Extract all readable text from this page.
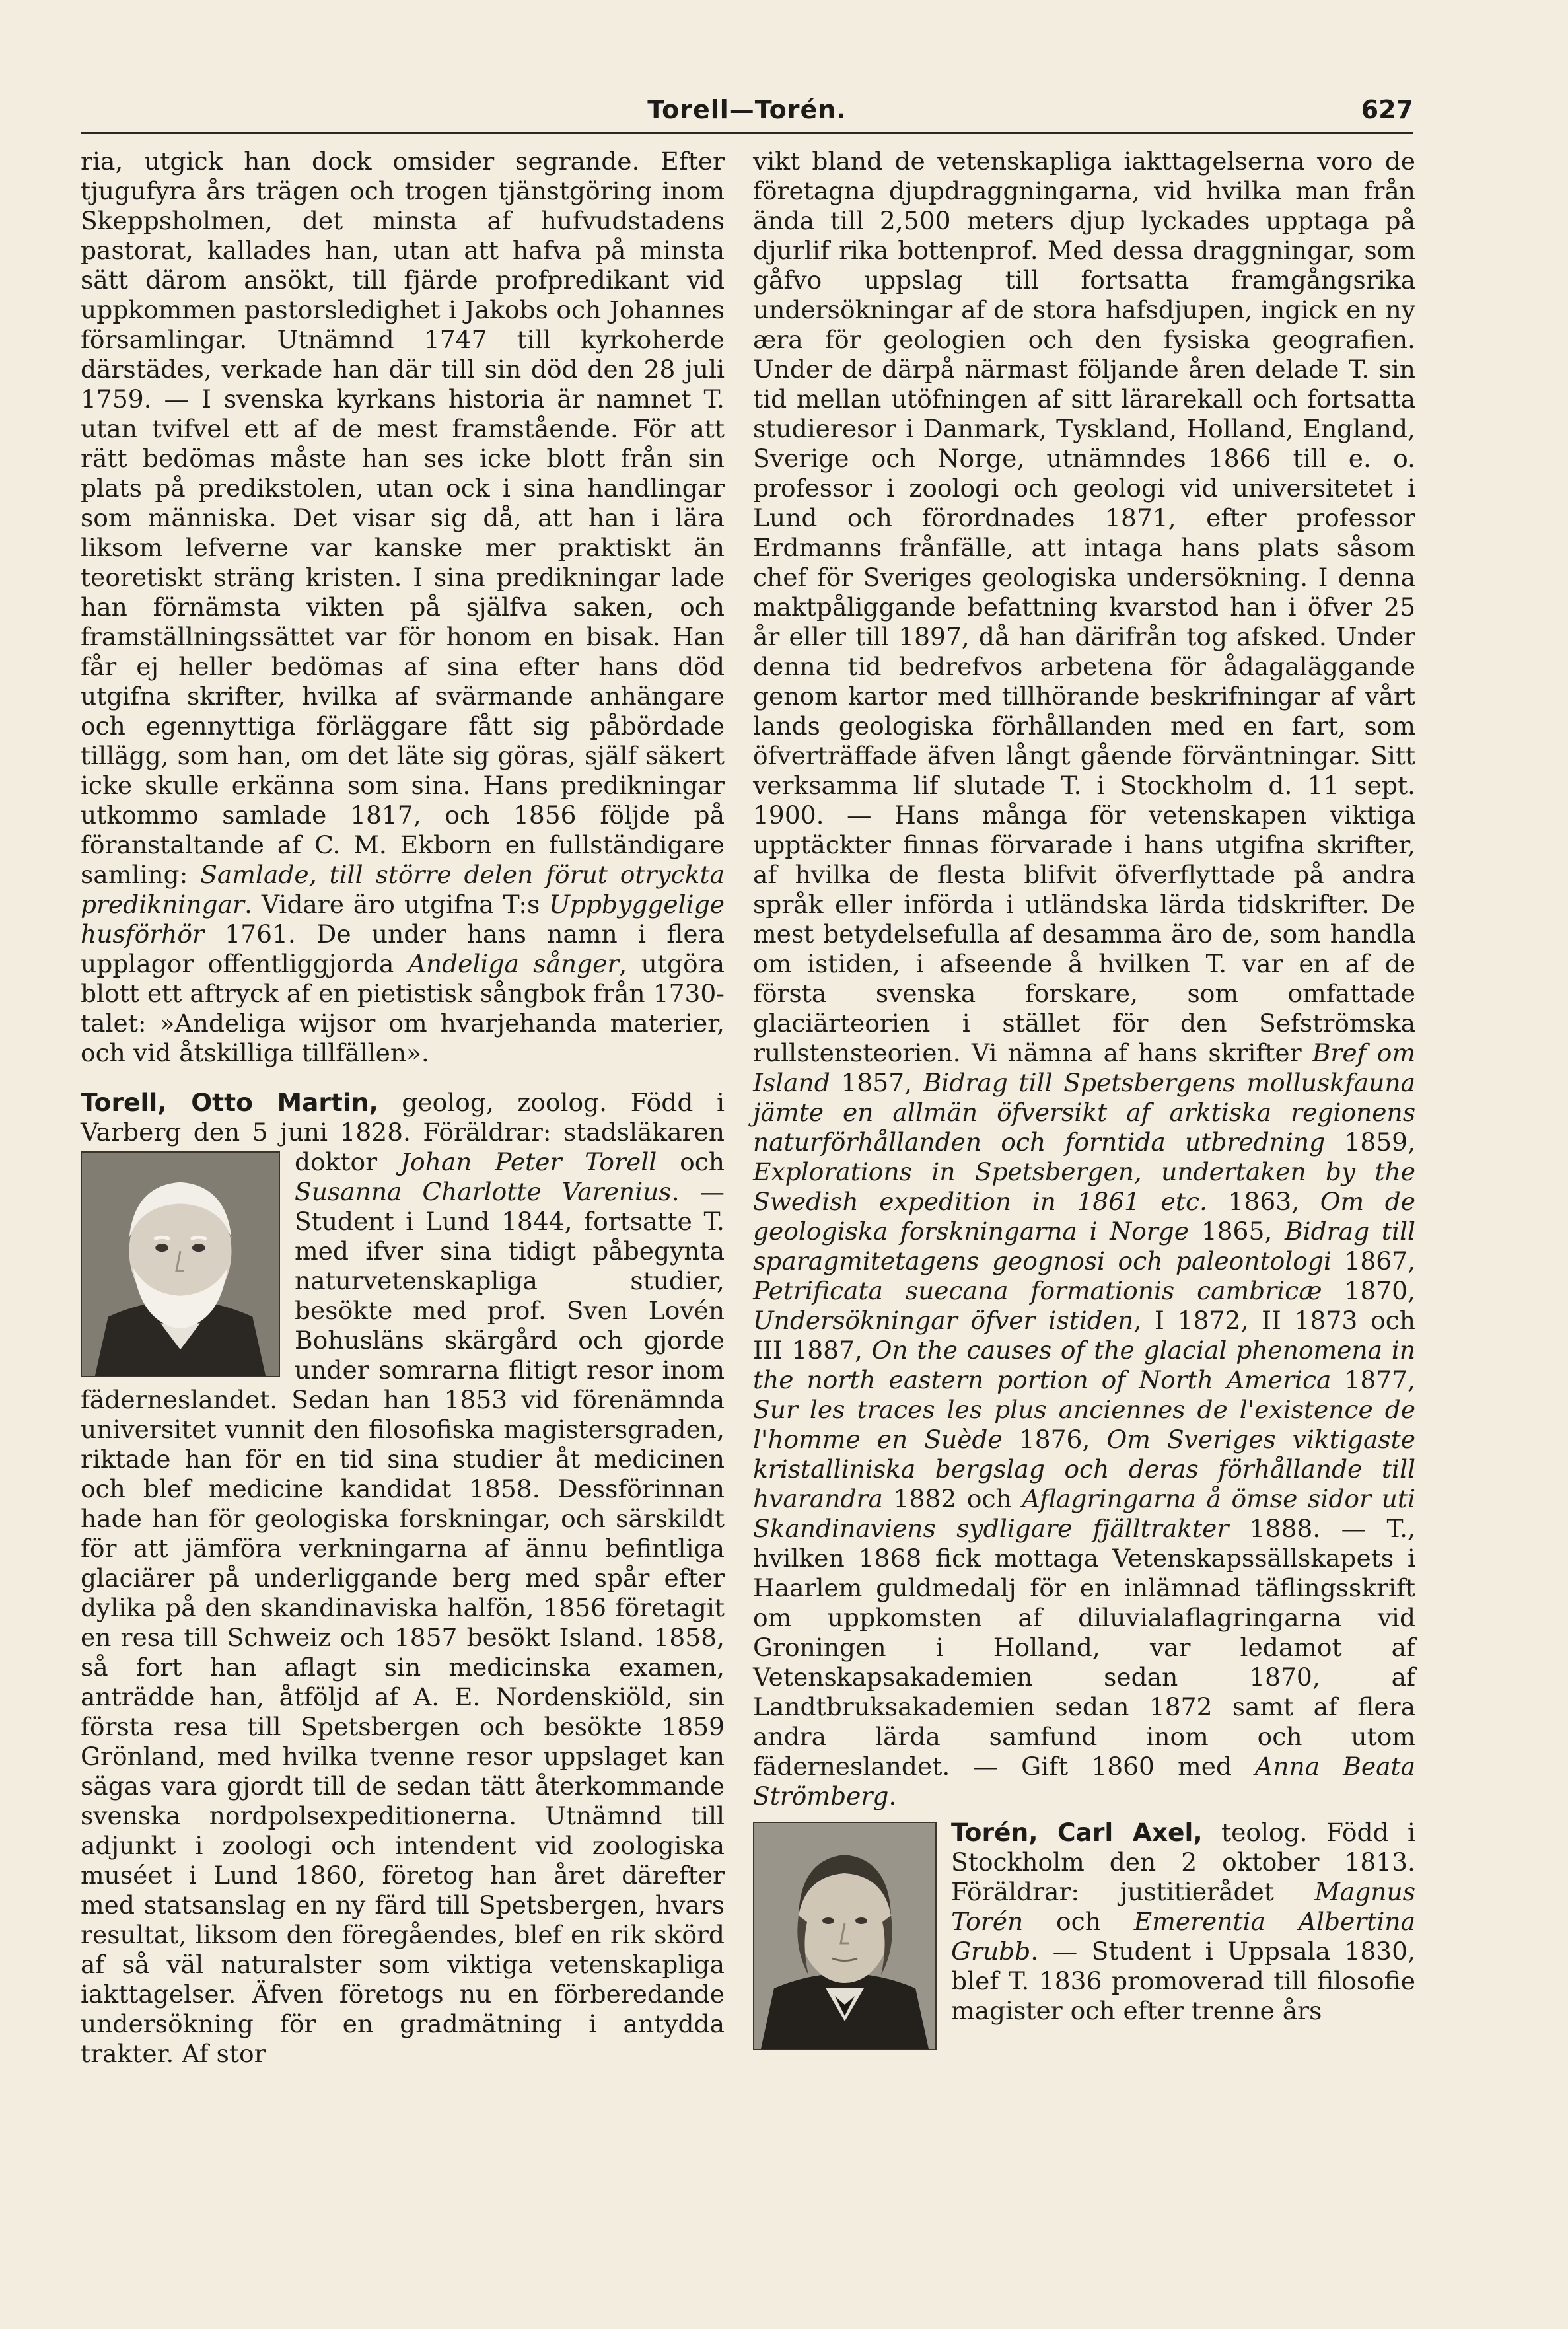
Torell—Torén.	627

ria, utgick han dock omsider segrande. Efter tjugufyra års trägen och trogen tjänstgöring inom Skeppsholmen, det minsta af hufvudstadens pastorat, kallades han, utan att hafva på minsta sätt därom ansökt, till fjärde profpredikant vid uppkommen pastorsledighet i Jakobs och Johannes församlingar. Utnämnd 1747 till kyrkoherde därstädes, verkade han där till sin död den 28 juli 1759. — I svenska kyrkans historia är namnet T. utan tvifvel ett af de mest framstående. För att rätt bedömas måste han ses icke blott från sin plats på predikstolen, utan ock i sina handlingar som människa. Det visar sig då, att han i lära liksom lefverne var kanske mer praktiskt än teoretiskt sträng kristen. I sina predikningar lade han förnämsta vikten på själfva saken, och framställningssättet var för honom en bisak. Han får ej heller bedömas af sina efter hans död utgifna skrifter, hvilka af svärmande anhängare och egennyttiga förläggare fått sig påbördade tillägg, som han, om det läte sig göras, själf säkert icke skulle erkänna som sina. Hans predikningar utkommo samlade 1817, och 1856 följde på föranstaltande af C. M. Ekborn en fullständigare samling: Samlade, till större delen förut otryckta predikningar. Vidare äro utgifna T:s Uppbyggelige husförhör 1761. De under hans namn i flera upplagor offentliggjorda Andeliga sånger, utgöra blott ett aftryck af en pietistisk sångbok från 1730-talet: »Andeliga wijsor om hvarjehanda materier, och vid åtskilliga tillfällen».

Torell, Otto Martin, geolog, zoolog. Född i Varberg den 5 juni 1828. Föräldrar: stadsläkaren doktor
Johan Peter Torell och Susanna Charlotte Varenius. — Student i Lund 1844, fortsatte T. med ifver sina tidigt påbegynta naturvetenskapliga studier, besökte med prof. Sven Lovén Bohusläns skärgård och gjorde under somrarna flitigt resor inom fäderneslandet. Sedan han 1853 vid förenämnda universitet vunnit den filosofiska magistersgraden, riktade han för en tid sina studier åt medicinen och blef medicine kandidat 1858. Dessförinnan hade han för geologiska forskningar, och särskildt för att jämföra verkningarna af ännu befintliga glaciärer på underliggande berg med spår efter dylika på den skandinaviska halfön, 1856 företagit en resa till Schweiz och 1857 besökt Island. 1858, så fort han aflagt sin medicinska examen, anträdde han, åtföljd af A. E. Nordenskiöld, sin första resa till Spetsbergen och besökte 1859 Grönland, med hvilka tvenne resor uppslaget kan sägas vara gjordt till de sedan tätt återkommande svenska nordpolsexpeditionerna. Utnämnd till adjunkt i zoologi och intendent vid zoologiska muséet i Lund 1860, företog han året därefter med statsanslag en ny färd till Spetsbergen, hvars resultat, liksom den föregåendes, blef en rik skörd af så väl naturalster som viktiga vetenskapliga iakttagelser. Äfven företogs nu en förberedande undersökning för en gradmätning i antydda trakter. Af stor

vikt bland de vetenskapliga iakttagelserna voro de företagna djupdraggningarna, vid hvilka man från ända till 2,500 meters djup lyckades upptaga på djurlif rika bottenprof. Med dessa draggningar, som gåfvo uppslag till fortsatta framgångsrika undersökningar af de stora hafsdjupen, ingick en ny æra för geologien och den fysiska geografien. Under de därpå närmast följande åren delade T. sin tid mellan utöfningen af sitt lärarekall och fortsatta studieresor i Danmark, Tyskland, Holland, England, Sverige och Norge, utnämndes 1866 till e. o. professor i zoologi och geologi vid universitetet i Lund och förordnades 1871, efter professor Erdmanns frånfälle, att intaga hans plats såsom chef för Sveriges geologiska undersökning. I denna maktpåliggande befattning kvarstod han i öfver 25 år eller till 1897, då han därifrån tog afsked. Under denna tid bedrefvos arbetena för ådagaläggande genom kartor med tillhörande beskrifningar af vårt lands geologiska förhållanden med en fart, som öfverträffade äfven långt gående förväntningar. Sitt verksamma lif slutade T. i Stockholm d. 11 sept. 1900. — Hans många för vetenskapen viktiga upptäckter finnas förvarade i hans utgifna skrifter, af hvilka de flesta blifvit öfverflyttade på andra språk eller införda i utländska lärda tidskrifter. De mest betydelsefulla af desamma äro de, som handla om istiden, i afseende å hvilken T. var en af de första svenska forskare, som omfattade glaciärteorien i stället för den Sefströmska rullstensteorien. Vi nämna af hans skrifter Bref om Island 1857, Bidrag till Spetsbergens molluskfauna jämte en allmän öfversikt af arktiska regionens naturförhållanden och forntida utbredning 1859, Explorations in Spetsbergen, undertaken by the Swedish expedition in 1861 etc. 1863, Om de geologiska forskningarna i Norge 1865, Bidrag till sparagmitetagens geognosi och paleontologi 1867, Petrificata suecana formationis cambricæ 1870, Undersökningar öfver istiden, I 1872, II 1873 och III 1887, On the causes of the glacial phenomena in the north eastern portion of North America 1877, Sur les traces les plus anciennes de l'existence de l'homme en Suède 1876, Om Sveriges viktigaste kristalliniska bergslag och deras förhållande till hvarandra 1882 och Aflagringarna å ömse sidor uti Skandinaviens sydligare fjälltrakter 1888. — T., hvilken 1868 fick mottaga Vetenskapssällskapets i Haarlem guldmedalj för en inlämnad täflingsskrift om uppkomsten af diluvialaflagringarna vid Groningen i Holland, var ledamot af Vetenskapsakademien sedan 1870, af Landtbruksakademien sedan 1872 samt af flera andra lärda samfund inom och utom fäderneslandet. — Gift 1860 med Anna Beata Strömberg.

Torén, Carl Axel, teolog. Född i Stockholm den 2 oktober 1813. Föräldrar: justitierådet Magnus Torén och Emerentia Albertina Grubb. — Student i Uppsala 1830, blef T. 1836 promoverad till filosofie magister och efter trenne års
